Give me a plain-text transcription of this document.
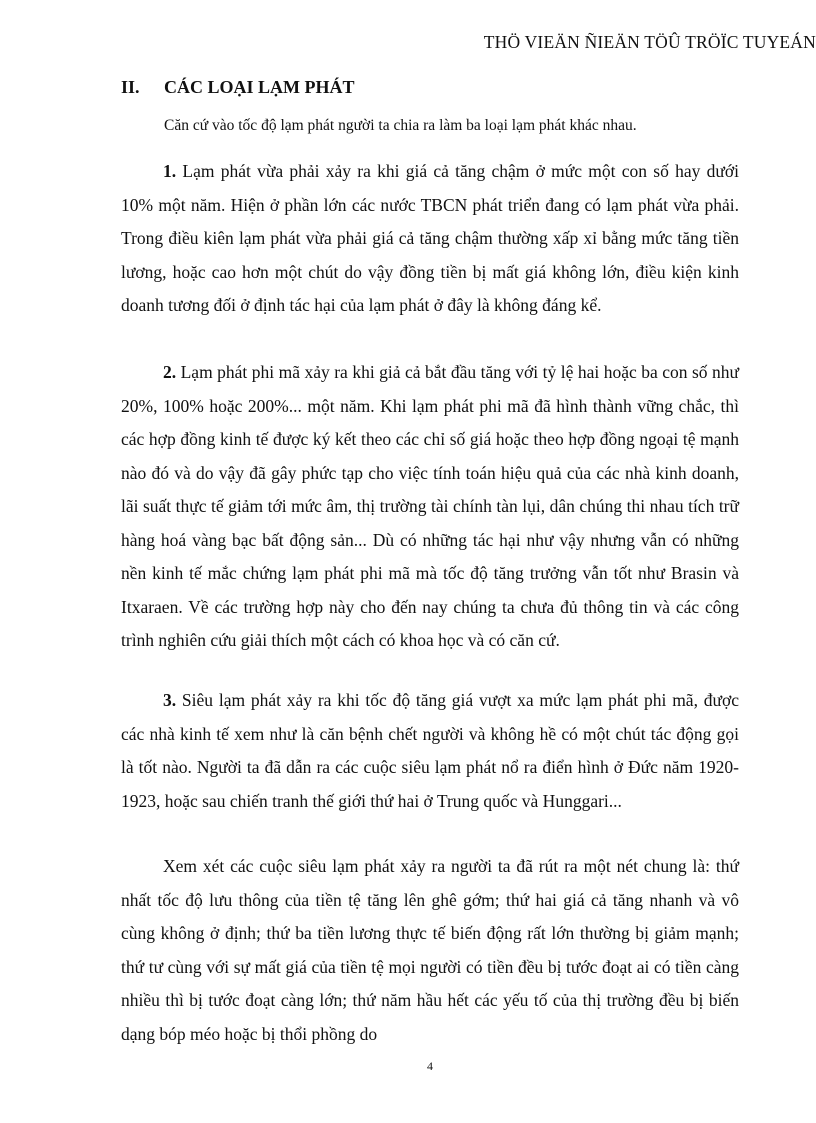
THÖ VIEÄN ÑIEÄN TÖÛ TRÖÏC TUYEÁN
II. CÁC LOẠI LẠM PHÁT
Căn cứ vào tốc độ lạm phát người ta chia ra làm ba loại lạm phát khác nhau.

1. Lạm phát vừa phải xảy ra khi giá cả tăng chậm ở mức một con số hay dưới 10% một năm. Hiện ở phần lớn các nước TBCN phát triển đang có lạm phát vừa phải. Trong điều kiên lạm phát vừa phải giá cả tăng chậm thường xấp xỉ bằng mức tăng tiền lương, hoặc cao hơn một chút do vậy đồng tiền bị mất giá không lớn, điều kiện kinh doanh tương đối ở định tác hại của lạm phát ở đây là không đáng kể.

2. Lạm phát phi mã xảy ra khi giả cả bắt đầu tăng với tỷ lệ hai hoặc ba con số như 20%, 100% hoặc 200%... một năm. Khi lạm phát phi mã đã hình thành vững chắc, thì các hợp đồng kinh tế được ký kết theo các chỉ số giá hoặc theo hợp đồng ngoại tệ mạnh nào đó và do vậy đã gây phức tạp cho việc tính toán hiệu quả của các nhà kinh doanh, lãi suất thực tế giảm tới mức âm, thị trường tài chính tàn lụi, dân chúng thi nhau tích trữ hàng hoá vàng bạc bất động sản... Dù có những tác hại như vậy nhưng vẫn có những nền kinh tế mắc chứng lạm phát phi mã mà tốc độ tăng trưởng vẫn tốt như Brasin và Itxaraen. Về các trường hợp này cho đến nay chúng ta chưa đủ thông tin và các công trình nghiên cứu giải thích một cách có khoa học và có căn cứ.

3. Siêu lạm phát xảy ra khi tốc độ tăng giá vượt xa mức lạm phát phi mã, được các nhà kinh tế xem như là căn bệnh chết người và không hề có một chút tác động gọi là tốt nào. Người ta đã dẫn ra các cuộc siêu lạm phát nổ ra điển hình ở Đức năm 1920-1923, hoặc sau chiến tranh thế giới thứ hai ở Trung quốc và Hunggari...

Xem xét các cuộc siêu lạm phát xảy ra người ta đã rút ra một nét chung là: thứ nhất tốc độ lưu thông của tiền tệ tăng lên ghê gớm; thứ hai giá cả tăng nhanh và vô cùng không ở định; thứ ba tiền lương thực tế biến động rất lớn thường bị giảm mạnh; thứ tư cùng với sự mất giá của tiền tệ mọi người có tiền đều bị tước đoạt ai có tiền càng nhiều thì bị tước đoạt càng lớn; thứ năm hầu hết các yếu tố của thị trường đều bị biến dạng bóp méo hoặc bị thổi phồng do

4
